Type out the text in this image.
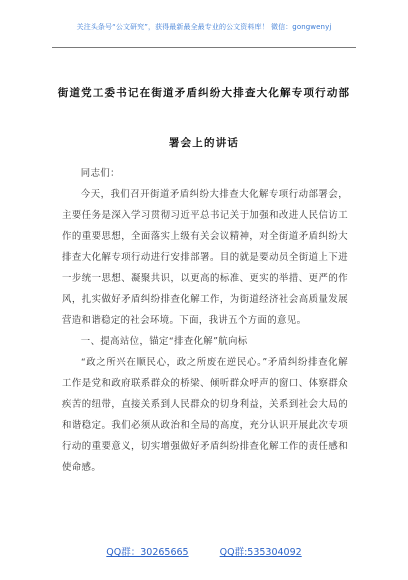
关注头条号“公文研究”，获得最新最全最专业的公文资料库！ 微信：gongwenyj
街道党工委书记在街道矛盾纠纷大排查大化解专项行动部
署会上的讲话

同志们：

今天，我们召开街道矛盾纠纷大排查大化解专项行动部署会，主要任务是深入学习贯彻习近平总书记关于加强和改进人民信访工作的重要思想，全面落实上级有关会议精神，对全街道矛盾纠纷大排查大化解专项行动进行安排部署。目的就是要动员全街道上下进一步统一思想、凝聚共识，以更高的标准、更实的举措、更严的作风，扎实做好矛盾纠纷排查化解工作，为街道经济社会高质量发展营造和谐稳定的社会环境。下面，我讲五个方面的意见。

一、提高站位，锚定“排查化解”航向标

“政之所兴在顺民心，政之所废在逆民心。”矛盾纠纷排查化解工作是党和政府联系群众的桥梁、倾听群众呼声的窗口、体察群众疾苦的纽带，直接关系到人民群众的切身利益，关系到社会大局的和谐稳定。我们必须从政治和全局的高度，充分认识开展此次专项行动的重要意义，切实增强做好矛盾纠纷排查化解工作的责任感和使命感。

QQ群：30265665	QQ群:535304092
